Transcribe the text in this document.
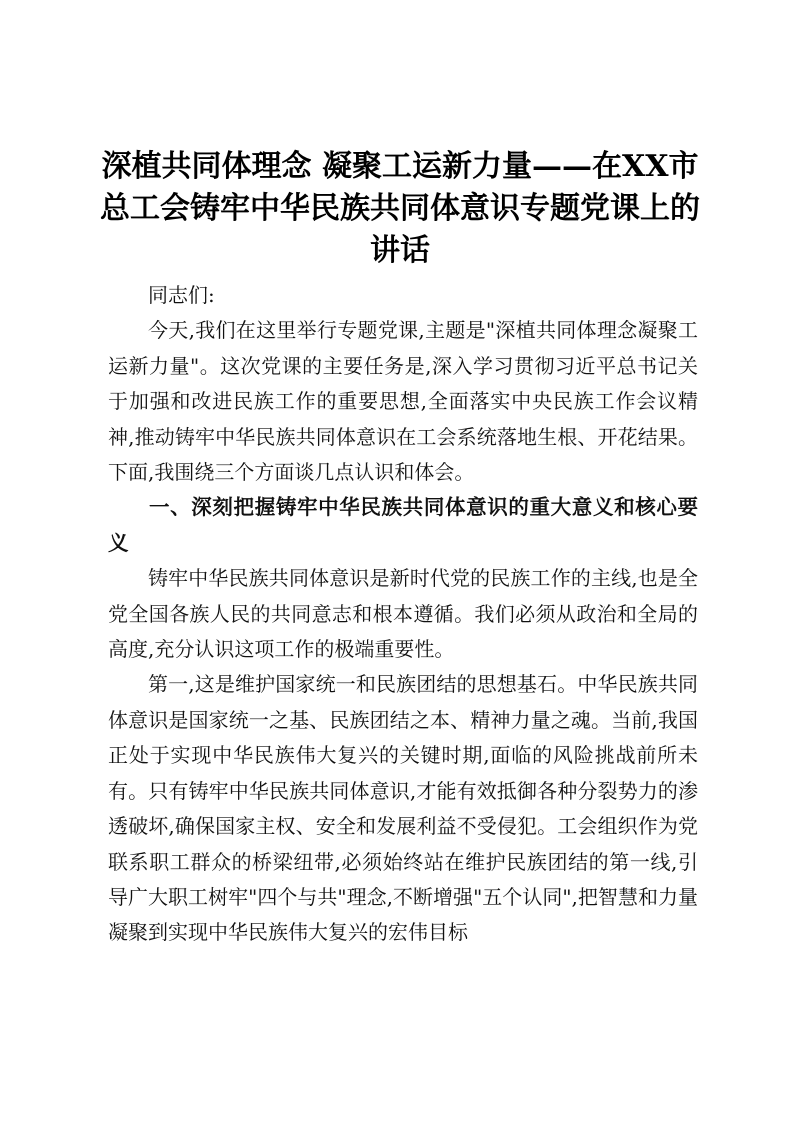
深植共同体理念 凝聚工运新力量——在XX市总工会铸牢中华民族共同体意识专题党课上的讲话

同志们:

今天,我们在这里举行专题党课,主题是"深植共同体理念凝聚工运新力量"。这次党课的主要任务是,深入学习贯彻习近平总书记关于加强和改进民族工作的重要思想,全面落实中央民族工作会议精神,推动铸牢中华民族共同体意识在工会系统落地生根、开花结果。下面,我围绕三个方面谈几点认识和体会。

一、深刻把握铸牢中华民族共同体意识的重大意义和核心要义

铸牢中华民族共同体意识是新时代党的民族工作的主线,也是全党全国各族人民的共同意志和根本遵循。我们必须从政治和全局的高度,充分认识这项工作的极端重要性。

第一,这是维护国家统一和民族团结的思想基石。中华民族共同体意识是国家统一之基、民族团结之本、精神力量之魂。当前,我国正处于实现中华民族伟大复兴的关键时期,面临的风险挑战前所未有。只有铸牢中华民族共同体意识,才能有效抵御各种分裂势力的渗透破坏,确保国家主权、安全和发展利益不受侵犯。工会组织作为党联系职工群众的桥梁纽带,必须始终站在维护民族团结的第一线,引导广大职工树牢"四个与共"理念,不断增强"五个认同",把智慧和力量凝聚到实现中华民族伟大复兴的宏伟目标
